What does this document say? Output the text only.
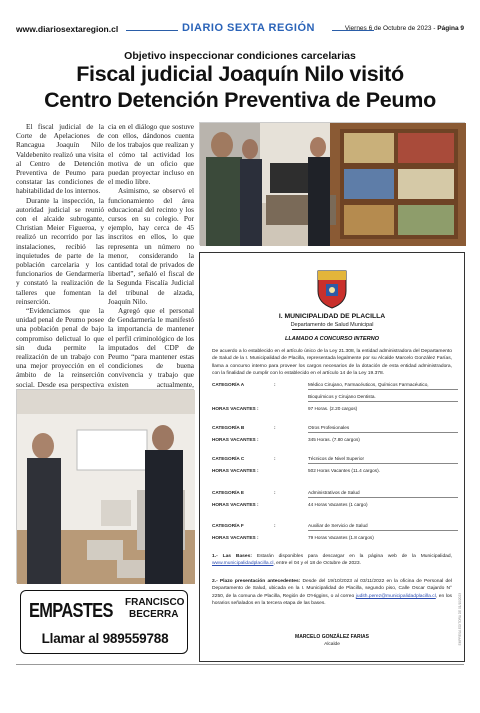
www.diariosextaregion.cl	DIARIO SEXTA REGIÓN	Viernes 6 de Octubre de 2023 - Página 9
Objetivo inspeccionar condiciones carcelarias
Fiscal judicial Joaquín Nilo visitó
Centro Detención Preventiva de Peumo

El fiscal judicial de la Corte de Apelaciones de Rancagua Joaquín Nilo Valdebenito realizó una visita al Centro de Detención Preventiva de Peumo para constatar las condiciones de habitabilidad de los internos.

Durante la inspección, la autoridad judicial se reunió con el alcaide subrogante, Christian Meier Figueroa, y realizó un recorrido por las instalaciones, recibió las inquietudes de parte de la población carcelaria y los funcionarios de Gendarmería y constató la realización de talleres que fomentan la reinserción.

“Evidenciamos que la unidad penal de Peumo posee una población penal de bajo compromiso delictual lo que sin duda permite la realización de un trabajo con una mejor proyección en el ámbito de la reinserción social. Desde esa perspectiva

cia en el diálogo que sostuve con ellos, dándonos cuenta de los trabajos que realizan y el cómo tal actividad los motiva de un oficio que puedan proyectar incluso en el medio libre.

Asimismo, se observó el funcionamiento del área educacional del recinto y los cursos en su colegio. Por ejemplo, hay cerca de 45 inscritos en ellos, lo que representa un número no menor, considerando la cantidad total de privados de libertad”, señaló el fiscal de la Segunda Fiscalía Judicial del tribunal de alzada, Joaquín Nilo.

Agregó que el personal de Gendarmería le manifestó la importancia de mantener el perfil criminológico de los imputados del CDP de Peumo “para mantener estas condiciones de buena convivencia y trabajo que existen actualmente,

EMPASTES FRANCISCO
BECERRA
Llamar al 989559788
I. MUNICIPALIDAD DE PLACILLA
Departamento de Salud Municipal
LLAMADO A CONCURSO INTERNO
De acuerdo a lo establecido en el artículo único de la Ley 21.308, la entidad administradora del Departamento de Salud de la I. Municipalidad de Placilla, representada legalmente por su Alcalde Marcelo González Farías, llama a concurso interno para proveer los cargos necesarios de la dotación de esta entidad administradora, con la finalidad de cumplir con lo establecido en el artículo 14 de la Ley 19.378.
CATEGORÍA A	:	Médico Cirujano, Farmacéuticos, Químicos Farmacéutico,
Bioquímicos y Cirujano Dentista.
HORAS VACANTES :	97 Horas. (2.20 cargos)
CATEGORÍA B	:	Otros Profesionales
HORAS VACANTES :	345 Horas. (7.80 cargos)
CATEGORÍA C	:	Técnicos de Nivel Superior
HORAS VACANTES :	502 Horas Vacantes (11.4 cargos).
CATEGORÍA E	:	Administrativos de Salud
HORAS VACANTES :	44 Horas Vacantes (1 cargo)
CATEGORÍA F	:	Auxiliar de Servicio de Salud
HORAS VACANTES :	79 Horas Vacantes (1.8 cargos)
1.- Las Bases: Estarán disponibles para descargar en la página web de la Municipalidad, www.municipalidadplacilla.cl, entre el 04 y el 18 de Octubre de 2023.
2.- Plazo presentación antecedentes: Desde del 19/10/2023 al 03/11/2022 en la oficina de Personal del Departamento de Salud, ubicada en la I. Municipalidad de Placilla, segundo piso, Calle Oscar Gajardo N° 2250, de la comuna de Placilla, Región de O'Higgins, o al correo judith.perez@municipalidadplacilla.cl, en los horarios señalados en la tercera etapa de las bases.
MARCELO GONZÁLEZ FARIAS
Alcalde	EMPRESA EDITORA DE 01/10/2023
